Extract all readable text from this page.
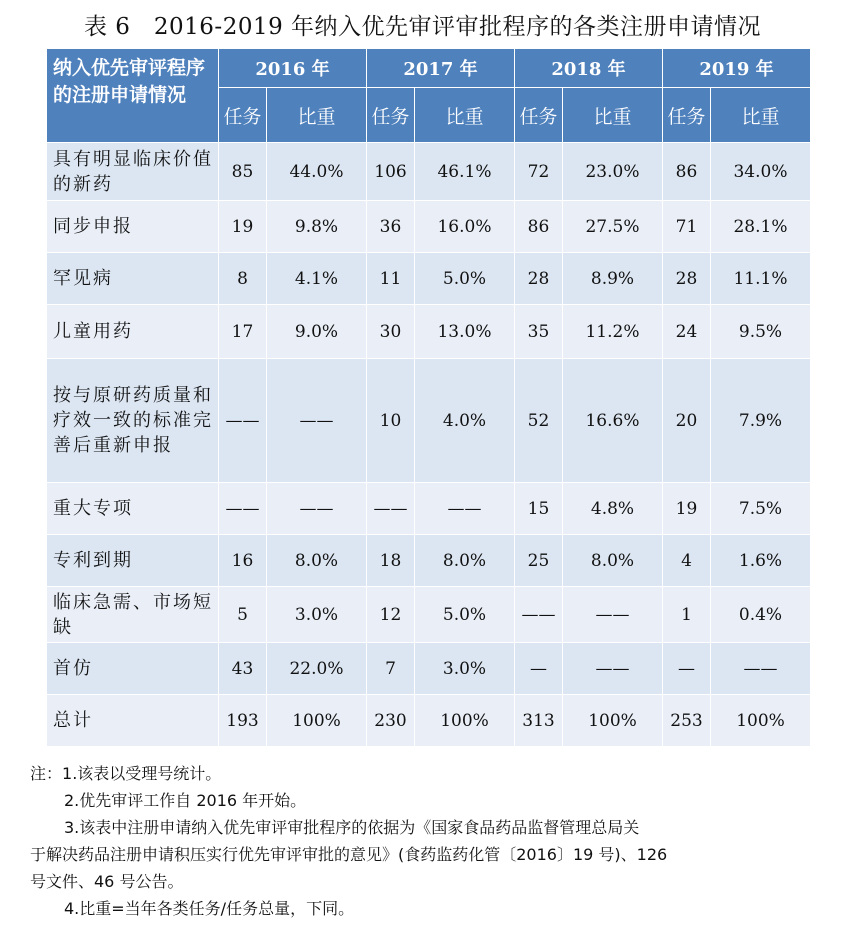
表 6　2016-2019 年纳入优先审评审批程序的各类注册申请情况
纳入优先审评程序的注册申请情况	2016 年		2017 年		2018 年		2019 年	
	任务	比重	任务	比重	任务	比重	任务	比重
具有明显临床价值的新药	85	44.0%	106	46.1%	72	23.0%	86	34.0%
同步申报	19	9.8%	36	16.0%	86	27.5%	71	28.1%
罕见病	8	4.1%	11	5.0%	28	8.9%	28	11.1%
儿童用药	17	9.0%	30	13.0%	35	11.2%	24	9.5%
按与原研药质量和疗效一致的标准完善后重新申报	——	——	10	4.0%	52	16.6%	20	7.9%
重大专项	——	——	——	——	15	4.8%	19	7.5%
专利到期	16	8.0%	18	8.0%	25	8.0%	4	1.6%
临床急需、市场短缺	5	3.0%	12	5.0%	——	——	1	0.4%
首仿	43	22.0%	7	3.0%	—	——	—	——
总计	193	100%	230	100%	313	100%	253	100%
注：1.该表以受理号统计。
2.优先审评工作自 2016 年开始。
3.该表中注册申请纳入优先审评审批程序的依据为《国家食品药品监督管理总局关
于解决药品注册申请积压实行优先审评审批的意见》(食药监药化管〔2016〕19 号)、126
号文件、46 号公告。
4.比重=当年各类任务/任务总量，下同。
